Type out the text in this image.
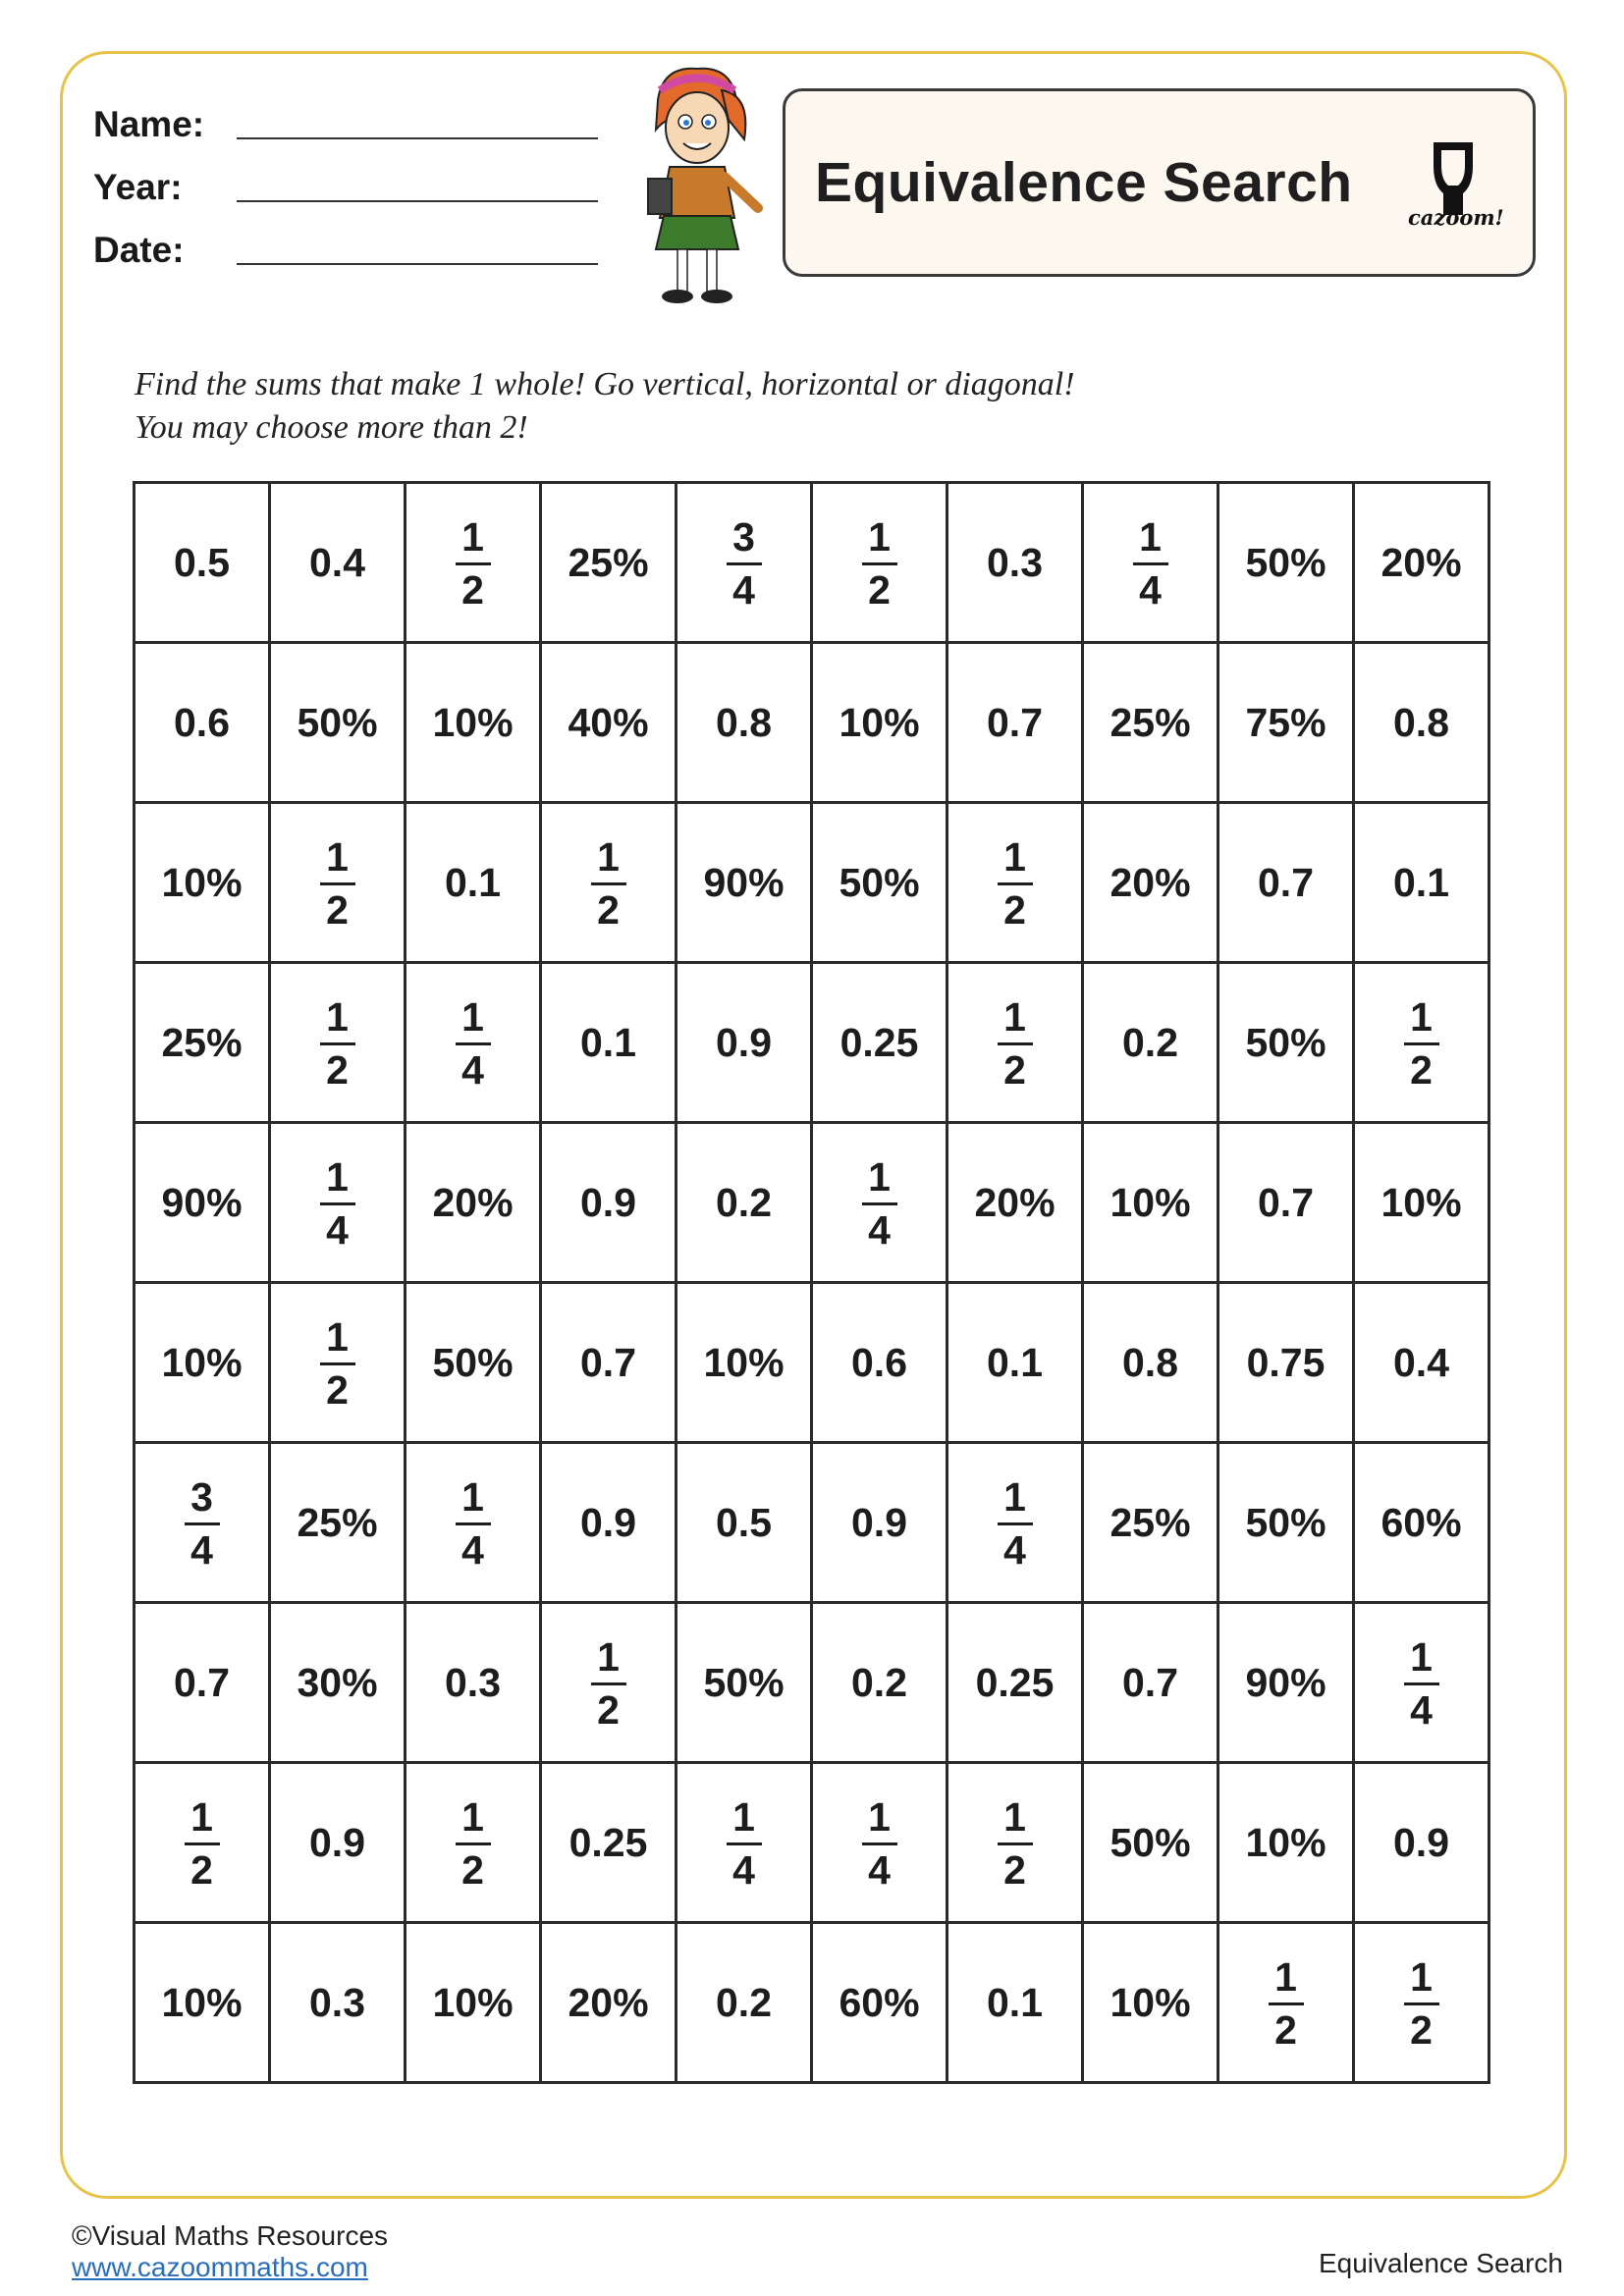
Name:
Year:
Date:
Equivalence Search
cazoom!
Find the sums that make 1 whole! Go vertical, horizontal or diagonal!
You may choose more than 2!
0.5	0.4	$\frac{1}{2}$	25%	$\frac{3}{4}$	$\frac{1}{2}$	0.3	$\frac{1}{4}$	50%	20%
0.6	50%	10%	40%	0.8	10%	0.7	25%	75%	0.8
10%	$\frac{1}{2}$	0.1	$\frac{1}{2}$	90%	50%	$\frac{1}{2}$	20%	0.7	0.1
25%	$\frac{1}{2}$	$\frac{1}{4}$	0.1	0.9	0.25	$\frac{1}{2}$	0.2	50%	$\frac{1}{2}$

90%	$\frac{1}{4}$	20%	0.9	0.2	$\frac{1}{4}$	20%	10%	0.7	10%
10%	$\frac{1}{2}$	50%	0.7	10%	0.6	0.1	0.8	0.75	0.4

$\frac{3}{4}$	25%	$\frac{1}{4}$	0.9	0.5	0.9	$\frac{1}{4}$	25%	50%	60%
0.7	30%	0.3	$\frac{1}{2}$	50%	0.2	0.25	0.7	90%	$\frac{1}{4}$

$\frac{1}{2}$	0.9	$\frac{1}{2}$	0.25	$\frac{1}{4}$	$\frac{1}{4}$	$\frac{1}{2}$	50%	10%	0.9
10%	0.3	10%	20%	0.2	60%	0.1	10%	$\frac{1}{2}$	$\frac{1}{2}$
©Visual Maths Resources
www.cazoommaths.com	Equivalence Search
